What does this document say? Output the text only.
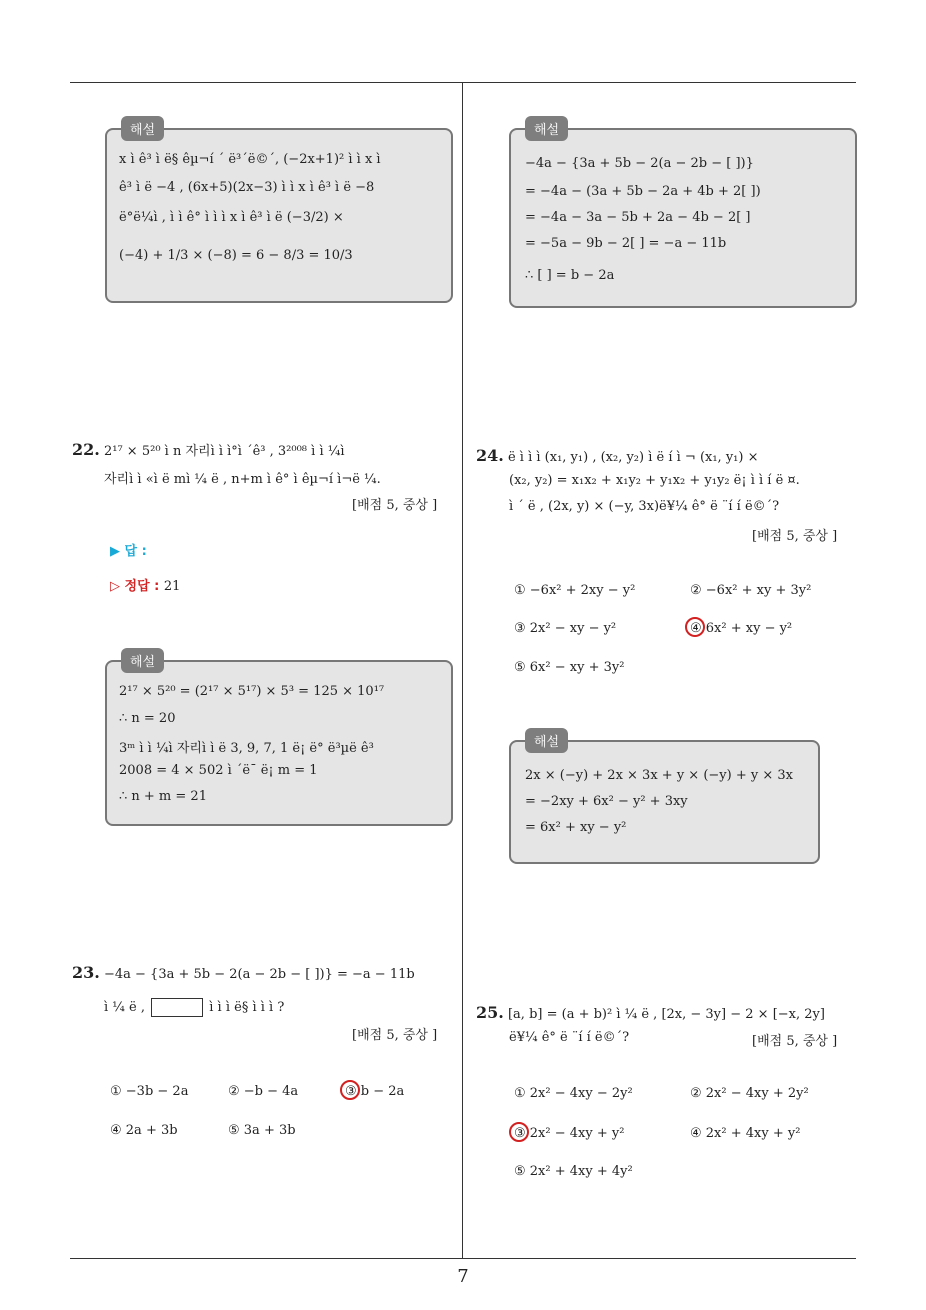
해설
x ì ê³ ì ë§ êµ¬í ´ ë³´ë©´, (−2x+1)² ì ì x ì
ê³ ì ë −4 , (6x+5)(2x−3) ì ì x ì ê³ ì ë −8
ë°ë¼ì , ì ì ê° ì ì ì x ì ê³ ì ë (−3/2) ×
(−4) + 1/3 × (−8) = 6 − 8/3 = 10/3
해설
−4a − {3a + 5b − 2(a − 2b − [ ])}
= −4a − (3a + 5b − 2a + 4b + 2[ ])
= −4a − 3a − 5b + 2a − 4b − 2[ ]
= −5a − 9b − 2[ ] = −a − 11b
∴ [ ] = b − 2a
22. 2¹⁷ × 5²⁰ ì n 자리ì ì ì°ì ´ê³ , 3²⁰⁰⁸ ì ì ¼ì
자리ì ì «ì ë mì ¼ ë , n+m ì ê° ì êµ¬í ì¬ë ¼.
[배점 5, 중상 ]
▶ 답 :
▷ 정답 : 21
해설
2¹⁷ × 5²⁰ = (2¹⁷ × 5¹⁷) × 5³ = 125 × 10¹⁷
∴ n = 20
3ᵐ ì ì ¼ì 자리ì ì ë 3, 9, 7, 1 ë¡ ë° ë³µë ê³
2008 = 4 × 502 ì ´ë¯ ë¡ m = 1
∴ n + m = 21
23. −4a − {3a + 5b − 2(a − 2b − [ ])} = −a − 11b
ì ¼ ë ,	ì ì ì ë§ ì ì ì ?
[배점 5, 중상 ]
① −3b − 2a	② −b − 4a	③ b − 2a
④ 2a + 3b	⑤ 3a + 3b
24. ë ì ì ì (x₁, y₁) , (x₂, y₂) ì ë í ì ¬ (x₁, y₁) ×
(x₂, y₂) = x₁x₂ + x₁y₂ + y₁x₂ + y₁y₂ ë¡ ì ì í ë ¤.
ì ´ ë , (2x, y) × (−y, 3x)ë¥¼ ê° ë ¨í í ë©´?
[배점 5, 중상 ]
① −6x² + 2xy − y²	② −6x² + xy + 3y²
③ 2x² − xy − y²	④ 6x² + xy − y²
⑤ 6x² − xy + 3y²
해설
2x × (−y) + 2x × 3x + y × (−y) + y × 3x
= −2xy + 6x² − y² + 3xy
= 6x² + xy − y²
25. [a, b] = (a + b)² ì ¼ ë , [2x, − 3y] − 2 × [−x, 2y]
ë¥¼ ê° ë ¨í í ë©´?	[배점 5, 중상 ]
① 2x² − 4xy − 2y²	② 2x² − 4xy + 2y²
③ 2x² − 4xy + y²	④ 2x² + 4xy + y²
⑤ 2x² + 4xy + 4y²
7
